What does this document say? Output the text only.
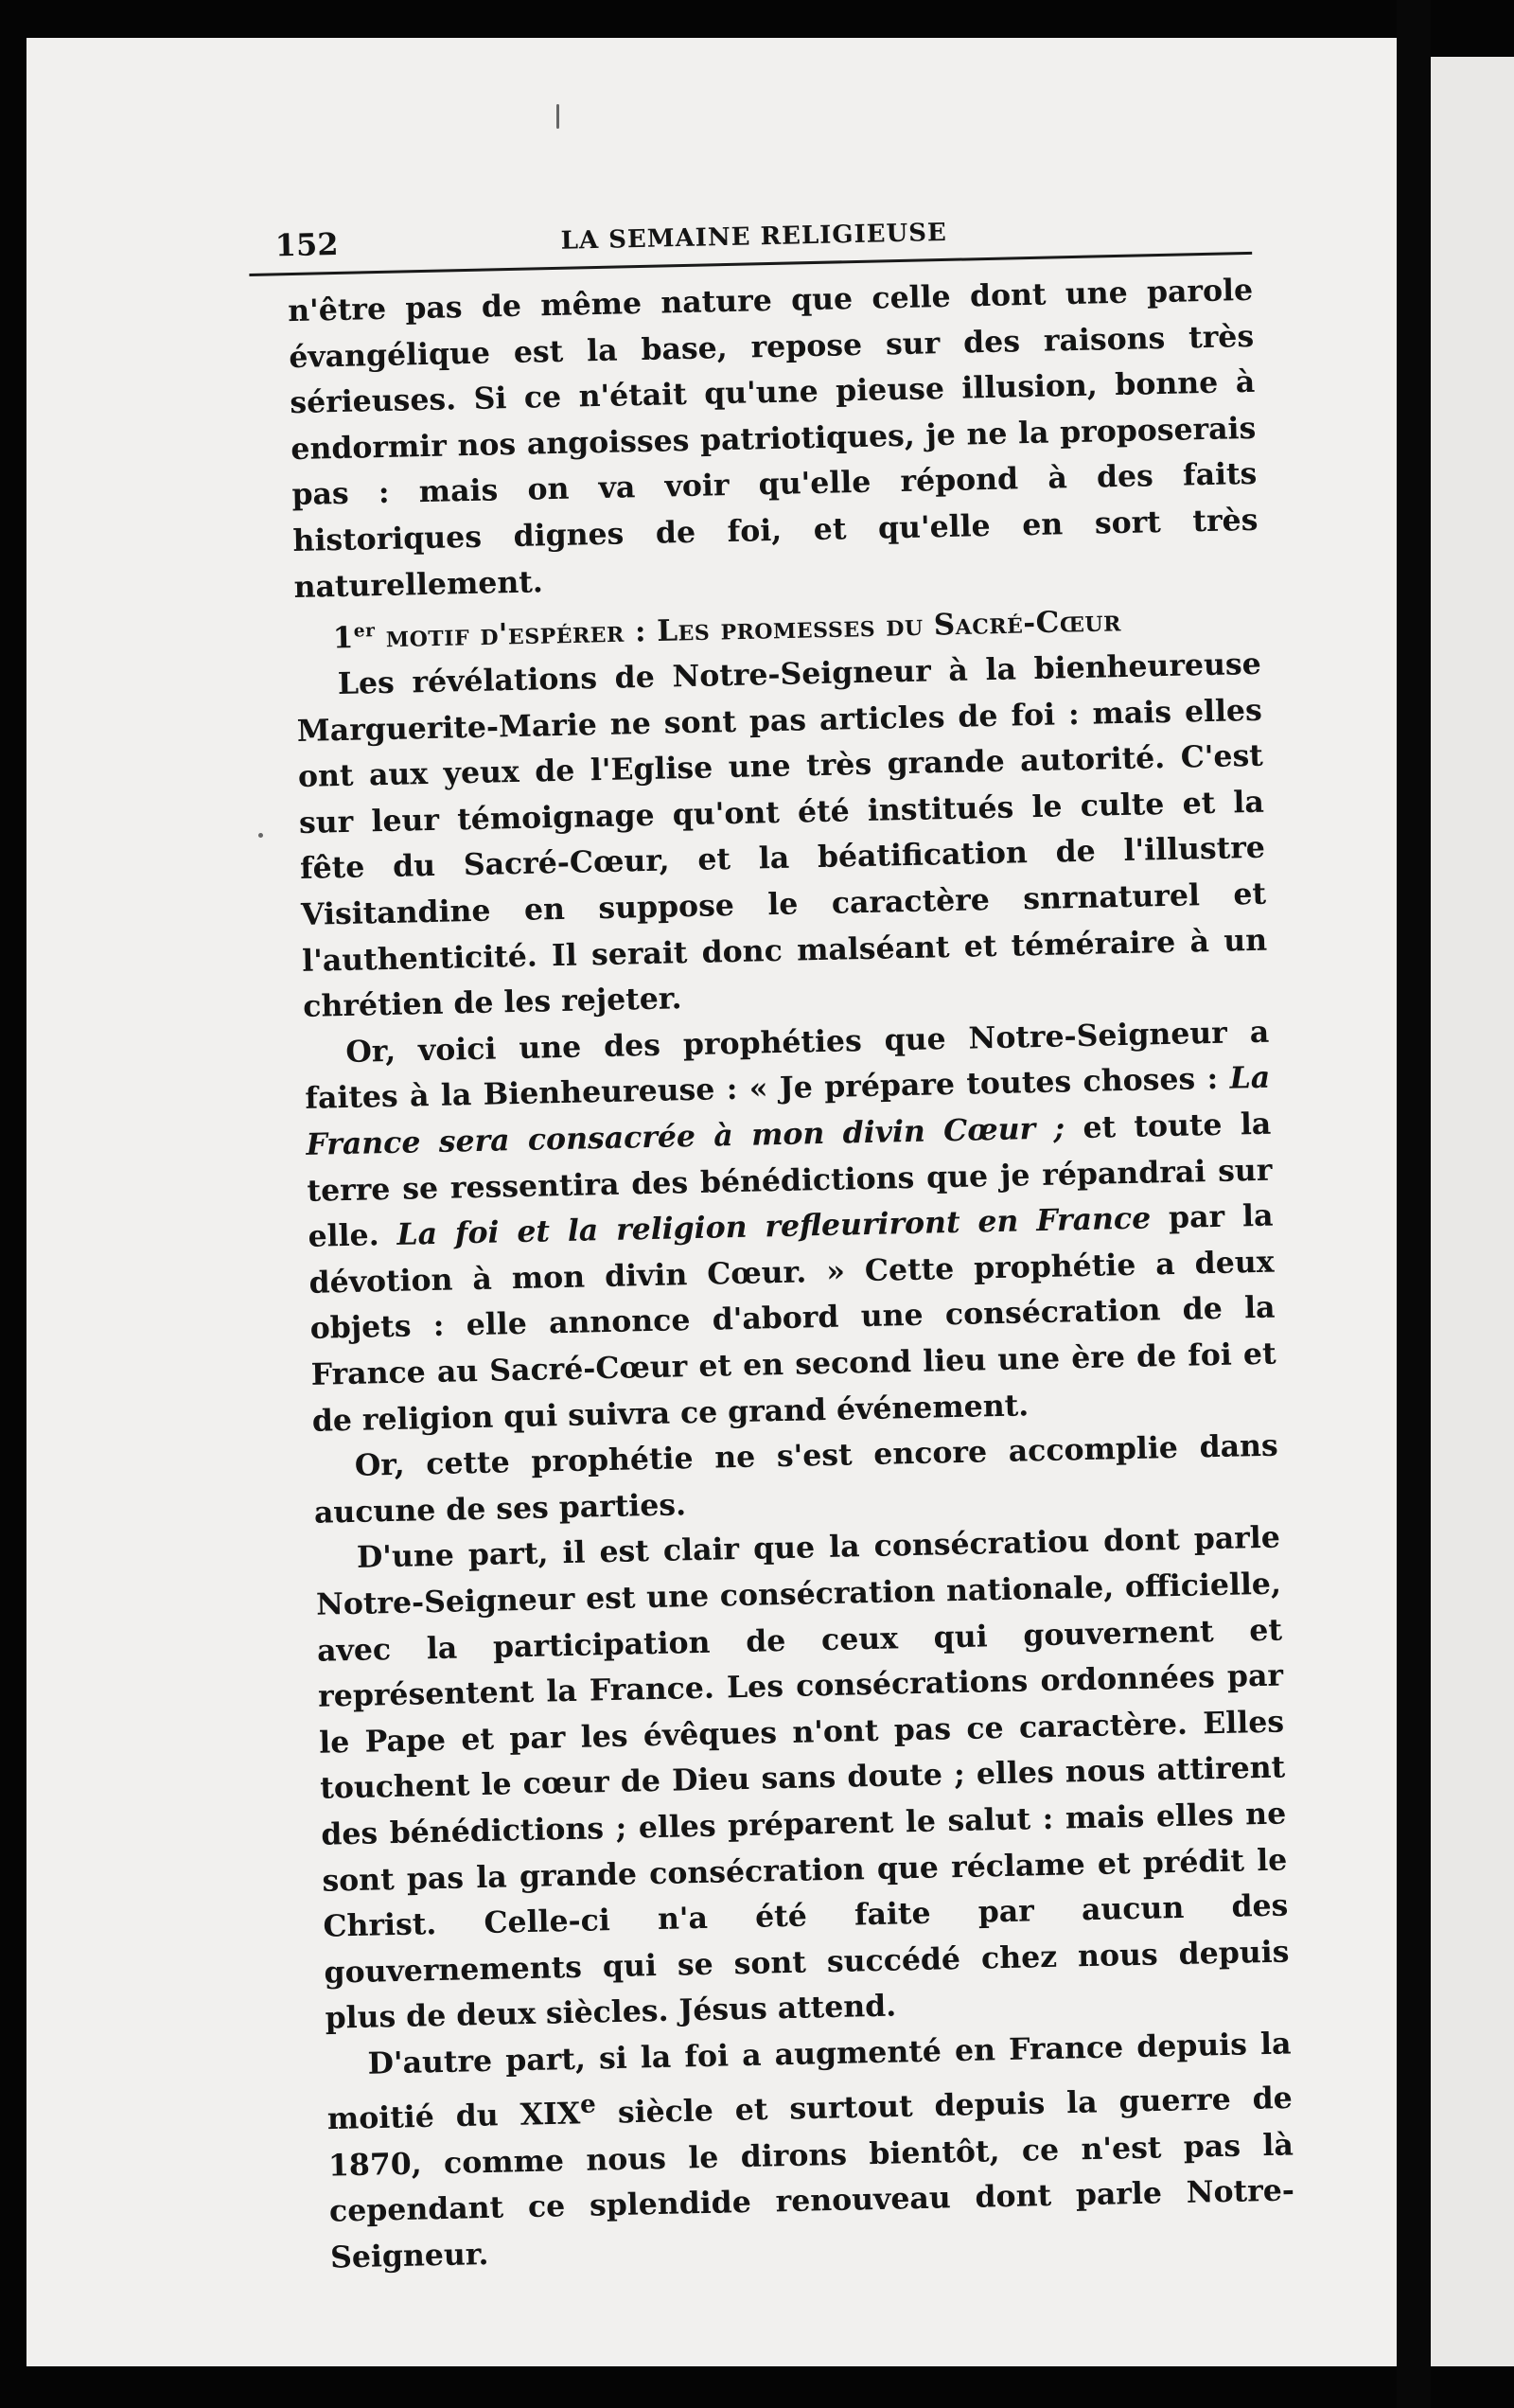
152	LA SEMAINE RELIGIEUSE

n'être pas de même nature que celle dont une parole évangélique est la base, repose sur des raisons très sérieuses. Si ce n'était qu'une pieuse illusion, bonne à endormir nos angoisses patriotiques, je ne la proposerais pas : mais on va voir qu'elle répond à des faits historiques dignes de foi, et qu'elle en sort très naturellement.

1er motif d'espérer : Les promesses du Sacré-Cœur

Les révélations de Notre-Seigneur à la bienheureuse Marguerite-Marie ne sont pas articles de foi : mais elles ont aux yeux de l'Eglise une très grande autorité. C'est sur leur témoignage qu'ont été institués le culte et la fête du Sacré-Cœur, et la béatification de l'illustre Visitandine en suppose le caractère snrnaturel et l'authenticité. Il serait donc malséant et téméraire à un chrétien de les rejeter.

Or, voici une des prophéties que Notre-Seigneur a faites à la Bienheureuse : « Je prépare toutes choses : La France sera consacrée à mon divin Cœur ; et toute la terre se ressentira des bénédictions que je répandrai sur elle. La foi et la religion refleuriront en France par la dévotion à mon divin Cœur. » Cette prophétie a deux objets : elle annonce d'abord une consécration de la France au Sacré-Cœur et en second lieu une ère de foi et de religion qui suivra ce grand événement.

Or, cette prophétie ne s'est encore accomplie dans aucune de ses parties.

D'une part, il est clair que la consécratiou dont parle Notre-Seigneur est une consécration nationale, officielle, avec la participation de ceux qui gouvernent et représentent la France. Les consécrations ordonnées par le Pape et par les évêques n'ont pas ce caractère. Elles touchent le cœur de Dieu sans doute ; elles nous attirent des bénédictions ; elles préparent le salut : mais elles ne sont pas la grande consécration que réclame et prédit le Christ. Celle-ci n'a été faite par aucun des gouvernements qui se sont succédé chez nous depuis plus de deux siècles. Jésus attend.

D'autre part, si la foi a augmenté en France depuis la moitié du XIXe siècle et surtout depuis la guerre de 1870, comme nous le dirons bientôt, ce n'est pas là cependant ce splendide renouveau dont parle Notre-Seigneur.
